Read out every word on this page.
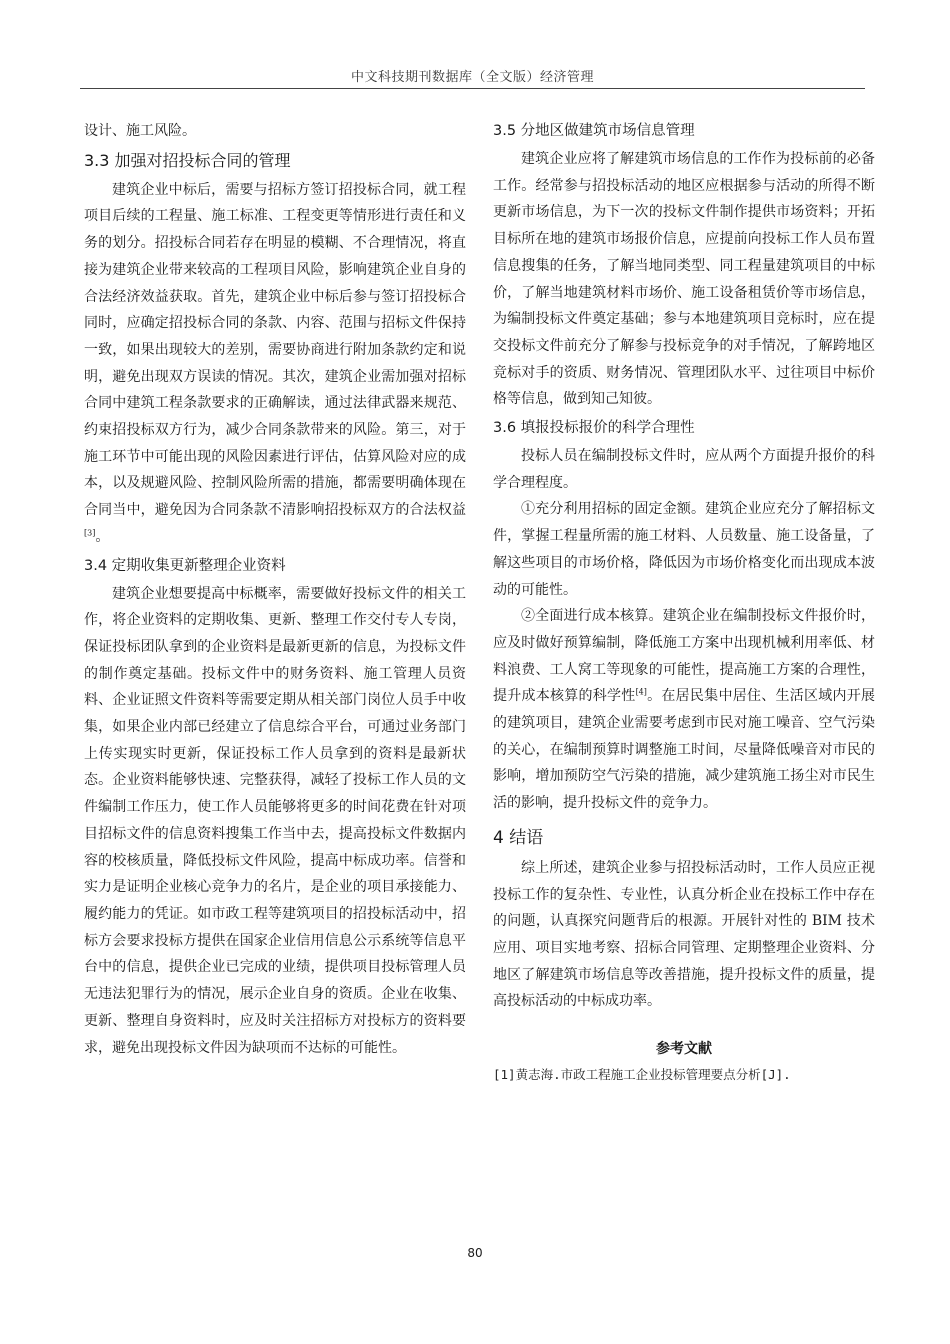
中文科技期刊数据库（全文版）经济管理

设计、施工风险。

3.3 加强对招投标合同的管理

建筑企业中标后，需要与招标方签订招投标合同，就工程项目后续的工程量、施工标准、工程变更等情形进行责任和义务的划分。招投标合同若存在明显的模糊、不合理情况，将直接为建筑企业带来较高的工程项目风险，影响建筑企业自身的合法经济效益获取。首先，建筑企业中标后参与签订招投标合同时，应确定招投标合同的条款、内容、范围与招标文件保持一致，如果出现较大的差别，需要协商进行附加条款约定和说明，避免出现双方误读的情况。其次，建筑企业需加强对招标合同中建筑工程条款要求的正确解读，通过法律武器来规范、约束招投标双方行为，减少合同条款带来的风险。第三，对于施工环节中可能出现的风险因素进行评估，估算风险对应的成本，以及规避风险、控制风险所需的措施，都需要明确体现在合同当中，避免因为合同条款不清影响招投标双方的合法权益[3]。

3.4 定期收集更新整理企业资料

建筑企业想要提高中标概率，需要做好投标文件的相关工作，将企业资料的定期收集、更新、整理工作交付专人专岗，保证投标团队拿到的企业资料是最新更新的信息，为投标文件的制作奠定基础。投标文件中的财务资料、施工管理人员资料、企业证照文件资料等需要定期从相关部门岗位人员手中收集，如果企业内部已经建立了信息综合平台，可通过业务部门上传实现实时更新，保证投标工作人员拿到的资料是最新状态。企业资料能够快速、完整获得，减轻了投标工作人员的文件编制工作压力，使工作人员能够将更多的时间花费在针对项目招标文件的信息资料搜集工作当中去，提高投标文件数据内容的校核质量，降低投标文件风险，提高中标成功率。信誉和实力是证明企业核心竞争力的名片，是企业的项目承接能力、履约能力的凭证。如市政工程等建筑项目的招投标活动中，招标方会要求投标方提供在国家企业信用信息公示系统等信息平台中的信息，提供企业已完成的业绩，提供项目投标管理人员无违法犯罪行为的情况，展示企业自身的资质。企业在收集、更新、整理自身资料时，应及时关注招标方对投标方的资料要求，避免出现投标文件因为缺项而不达标的可能性。

3.5 分地区做建筑市场信息管理

建筑企业应将了解建筑市场信息的工作作为投标前的必备工作。经常参与招投标活动的地区应根据参与活动的所得不断更新市场信息，为下一次的投标文件制作提供市场资料；开拓目标所在地的建筑市场报价信息，应提前向投标工作人员布置信息搜集的任务，了解当地同类型、同工程量建筑项目的中标价，了解当地建筑材料市场价、施工设备租赁价等市场信息，为编制投标文件奠定基础；参与本地建筑项目竞标时，应在提交投标文件前充分了解参与投标竞争的对手情况，了解跨地区竞标对手的资质、财务情况、管理团队水平、过往项目中标价格等信息，做到知己知彼。

3.6 填报投标报价的科学合理性

投标人员在编制投标文件时，应从两个方面提升报价的科学合理程度。

①充分利用招标的固定金额。建筑企业应充分了解招标文件，掌握工程量所需的施工材料、人员数量、施工设备量，了解这些项目的市场价格，降低因为市场价格变化而出现成本波动的可能性。

②全面进行成本核算。建筑企业在编制投标文件报价时，应及时做好预算编制，降低施工方案中出现机械利用率低、材料浪费、工人窝工等现象的可能性，提高施工方案的合理性，提升成本核算的科学性[4]。在居民集中居住、生活区域内开展的建筑项目，建筑企业需要考虑到市民对施工噪音、空气污染的关心，在编制预算时调整施工时间，尽量降低噪音对市民的影响，增加预防空气污染的措施，减少建筑施工扬尘对市民生活的影响，提升投标文件的竞争力。

4 结语

综上所述，建筑企业参与招投标活动时，工作人员应正视投标工作的复杂性、专业性，认真分析企业在投标工作中存在的问题，认真探究问题背后的根源。开展针对性的 BIM 技术应用、项目实地考察、招标合同管理、定期整理企业资料、分地区了解建筑市场信息等改善措施，提升投标文件的质量，提高投标活动的中标成功率。

参考文献
[1]黄志海.市政工程施工企业投标管理要点分析[J].
80
